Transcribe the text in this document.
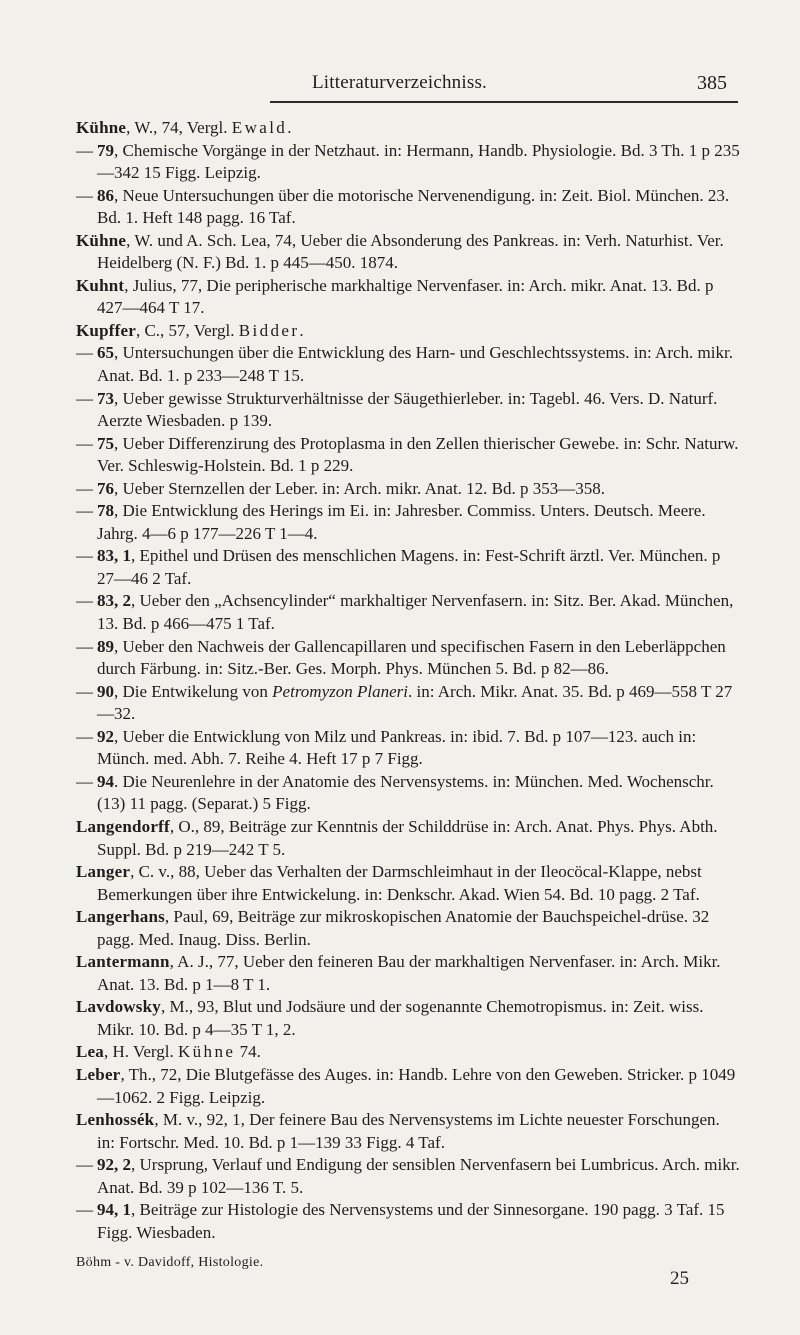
Litteraturverzeichniss.	385
Kühne, W., 74, Vergl. Ewald.
— 79, Chemische Vorgänge in der Netzhaut. in: Hermann, Handb. Physiologie. Bd. 3 Th. 1 p 235—342 15 Figg. Leipzig.
— 86, Neue Untersuchungen über die motorische Nervenendigung. in: Zeit. Biol. München. 23. Bd. 1. Heft 148 pagg. 16 Taf.
Kühne, W. und A. Sch. Lea, 74, Ueber die Absonderung des Pankreas. in: Verh. Naturhist. Ver. Heidelberg (N. F.) Bd. 1. p 445—450. 1874.
Kuhnt, Julius, 77, Die peripherische markhaltige Nervenfaser. in: Arch. mikr. Anat. 13. Bd. p 427—464 T 17.
Kupffer, C., 57, Vergl. Bidder.
— 65, Untersuchungen über die Entwicklung des Harn- und Geschlechtssystems. in: Arch. mikr. Anat. Bd. 1. p 233—248 T 15.
— 73, Ueber gewisse Strukturverhältnisse der Säugethierleber. in: Tagebl. 46. Vers. D. Naturf. Aerzte Wiesbaden. p 139.
— 75, Ueber Differenzirung des Protoplasma in den Zellen thierischer Gewebe. in: Schr. Naturw. Ver. Schleswig-Holstein. Bd. 1 p 229.
— 76, Ueber Sternzellen der Leber. in: Arch. mikr. Anat. 12. Bd. p 353—358.
— 78, Die Entwicklung des Herings im Ei. in: Jahresber. Commiss. Unters. Deutsch. Meere. Jahrg. 4—6 p 177—226 T 1—4.
— 83, 1, Epithel und Drüsen des menschlichen Magens. in: Fest-Schrift ärztl. Ver. München. p 27—46 2 Taf.
— 83, 2, Ueber den „Achsencylinder“ markhaltiger Nervenfasern. in: Sitz. Ber. Akad. München, 13. Bd. p 466—475 1 Taf.
— 89, Ueber den Nachweis der Gallencapillaren und specifischen Fasern in den Leberläppchen durch Färbung. in: Sitz.-Ber. Ges. Morph. Phys. München 5. Bd. p 82—86.
— 90, Die Entwikelung von Petromyzon Planeri. in: Arch. Mikr. Anat. 35. Bd. p 469—558 T 27—32.
— 92, Ueber die Entwicklung von Milz und Pankreas. in: ibid. 7. Bd. p 107—123. auch in: Münch. med. Abh. 7. Reihe 4. Heft 17 p 7 Figg.
— 94. Die Neurenlehre in der Anatomie des Nervensystems. in: München. Med. Wochenschr. (13) 11 pagg. (Separat.) 5 Figg.
Langendorff, O., 89, Beiträge zur Kenntnis der Schilddrüse in: Arch. Anat. Phys. Phys. Abth. Suppl. Bd. p 219—242 T 5.
Langer, C. v., 88, Ueber das Verhalten der Darmschleimhaut in der Ileocöcal-Klappe, nebst Bemerkungen über ihre Entwickelung. in: Denkschr. Akad. Wien 54. Bd. 10 pagg. 2 Taf.
Langerhans, Paul, 69, Beiträge zur mikroskopischen Anatomie der Bauchspeichel-drüse. 32 pagg. Med. Inaug. Diss. Berlin.
Lantermann, A. J., 77, Ueber den feineren Bau der markhaltigen Nervenfaser. in: Arch. Mikr. Anat. 13. Bd. p 1—8 T 1.
Lavdowsky, M., 93, Blut und Jodsäure und der sogenannte Chemotropismus. in: Zeit. wiss. Mikr. 10. Bd. p 4—35 T 1, 2.
Lea, H. Vergl. Kühne 74.
Leber, Th., 72, Die Blutgefässe des Auges. in: Handb. Lehre von den Geweben. Stricker. p 1049—1062. 2 Figg. Leipzig.
Lenhossék, M. v., 92, 1, Der feinere Bau des Nervensystems im Lichte neuester Forschungen. in: Fortschr. Med. 10. Bd. p 1—139 33 Figg. 4 Taf.
— 92, 2, Ursprung, Verlauf und Endigung der sensiblen Nervenfasern bei Lumbricus. Arch. mikr. Anat. Bd. 39 p 102—136 T. 5.
— 94, 1, Beiträge zur Histologie des Nervensystems und der Sinnesorgane. 190 pagg. 3 Taf. 15 Figg. Wiesbaden.
Böhm - v. Davidoff, Histologie.
25
